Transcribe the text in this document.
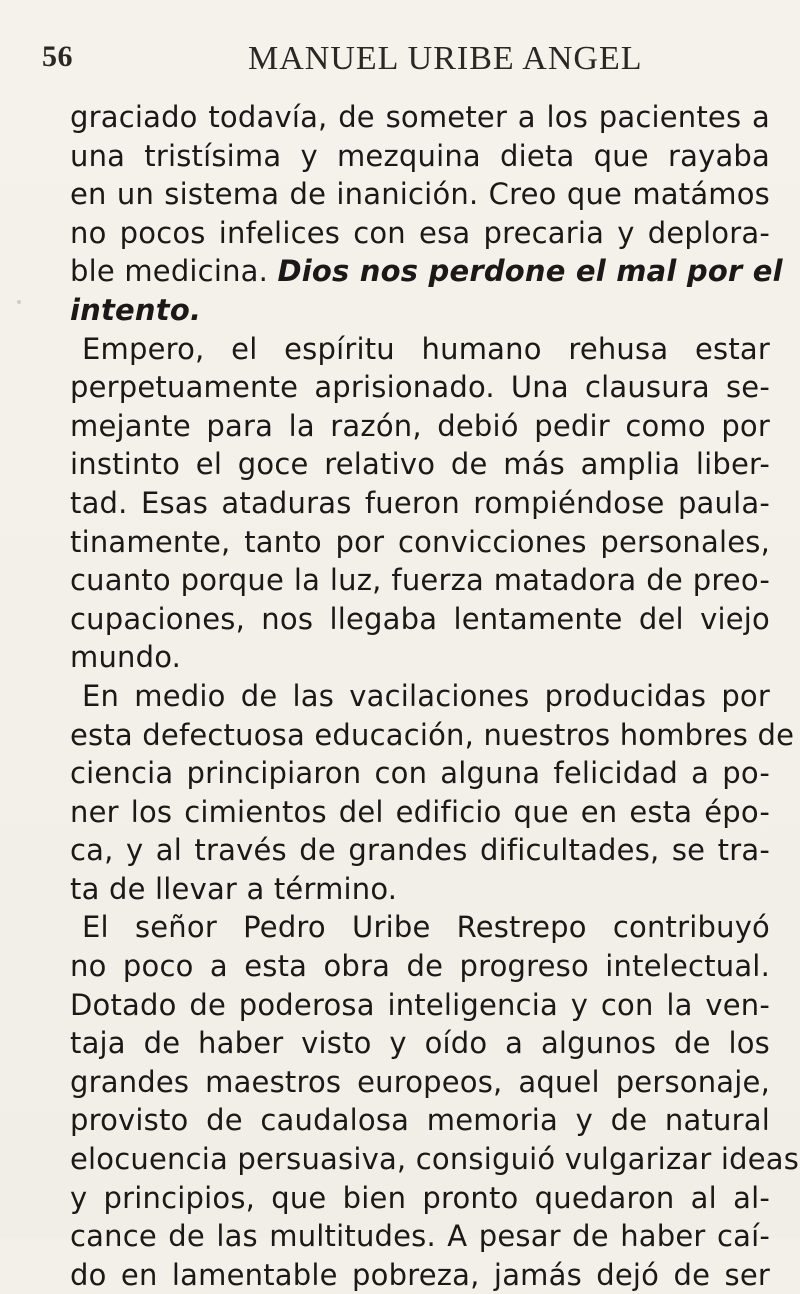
56	MANUEL URIBE ANGEL
graciado todavía, de someter a los pacientes a
una tristísima y mezquina dieta que rayaba
en un sistema de inanición. Creo que matámos
no pocos infelices con esa precaria y deplora-
ble medicina. Dios nos perdone el mal por el
intento.
Empero, el espíritu humano rehusa estar
perpetuamente aprisionado. Una clausura se-
mejante para la razón, debió pedir como por
instinto el goce relativo de más amplia liber-
tad. Esas ataduras fueron rompiéndose paula-
tinamente, tanto por convicciones personales,
cuanto porque la luz, fuerza matadora de preo-
cupaciones, nos llegaba lentamente del viejo
mundo.
En medio de las vacilaciones producidas por
esta defectuosa educación, nuestros hombres de
ciencia principiaron con alguna felicidad a po-
ner los cimientos del edificio que en esta épo-
ca, y al través de grandes dificultades, se tra-
ta de llevar a término.
El señor Pedro Uribe Restrepo contribuyó
no poco a esta obra de progreso intelectual.
Dotado de poderosa inteligencia y con la ven-
taja de haber visto y oído a algunos de los
grandes maestros europeos, aquel personaje,
provisto de caudalosa memoria y de natural
elocuencia persuasiva, consiguió vulgarizar ideas
y principios, que bien pronto quedaron al al-
cance de las multitudes. A pesar de haber caí-
do en lamentable pobreza, jamás dejó de ser
